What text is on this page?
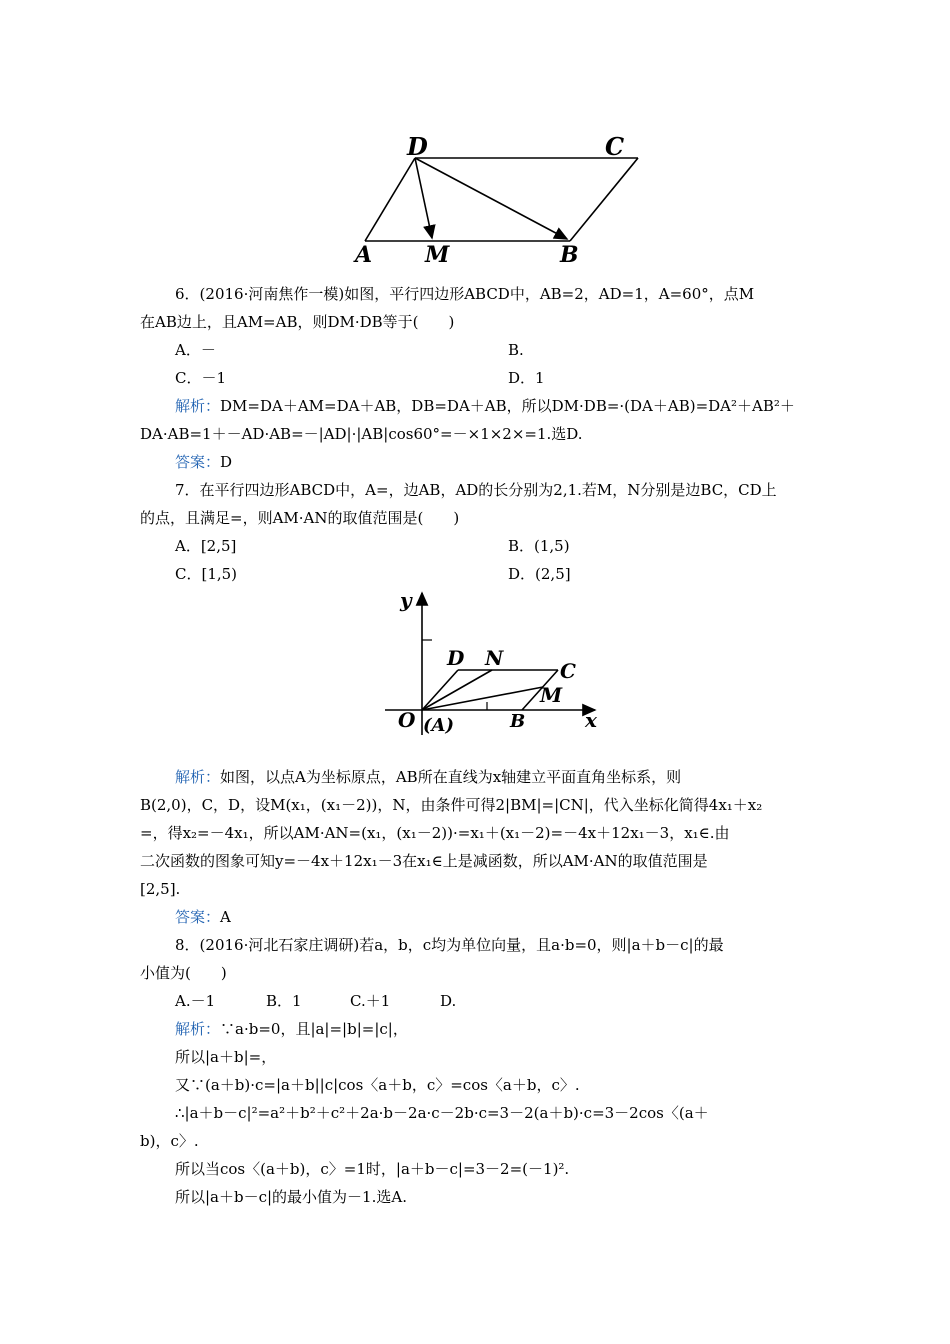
D	C
A M	B
6．(2016·河南焦作一模)如图，平行四边形ABCD中，AB=2，AD=1，A=60°，点M
在AB边上，且AM=AB，则DM·DB等于(　　)
A．－	B.
C．－1	D．1
解析：DM=DA＋AM=DA＋AB，DB=DA＋AB，所以DM·DB=·(DA＋AB)=DA²＋AB²＋
DA·AB=1＋－AD·AB=－|AD|·|AB|cos60°=－×1×2×=1.选D.
答案：D
7．在平行四边形ABCD中，A=，边AB，AD的长分别为2,1.若M，N分别是边BC，CD上
的点，且满足=，则AM·AN的取值范围是(　　)
A．[2,5]	B．(1,5)
C．[1,5)	D．(2,5]
y
x
O (A)	B
C
D N
M
解析：如图，以点A为坐标原点，AB所在直线为x轴建立平面直角坐标系，则
B(2,0)，C，D，设M(x₁，(x₁－2))，N，由条件可得2|BM|=|CN|，代入坐标化简得4x₁＋x₂
=，得x₂=－4x₁，所以AM·AN=(x₁，(x₁－2))·=x₁＋(x₁－2)=－4x＋12x₁－3，x₁∈.由
二次函数的图象可知y=－4x＋12x₁－3在x₁∈上是减函数，所以AM·AN的取值范围是
[2,5].
答案：A
8．(2016·河北石家庄调研)若a，b，c均为单位向量，且a·b=0，则|a＋b－c|的最
小值为(　　)
A.－1	B．1	C.＋1	D.
解析：∵a·b=0，且|a|=|b|=|c|，
所以|a＋b|=，
又∵(a＋b)·c=|a＋b||c|cos〈a＋b，c〉=cos〈a＋b，c〉.
∴|a＋b－c|²=a²＋b²＋c²＋2a·b－2a·c－2b·c=3－2(a＋b)·c=3－2cos〈(a＋
b)，c〉.
所以当cos〈(a＋b)，c〉=1时，|a＋b－c|=3－2=(－1)².
所以|a＋b－c|的最小值为－1.选A.
